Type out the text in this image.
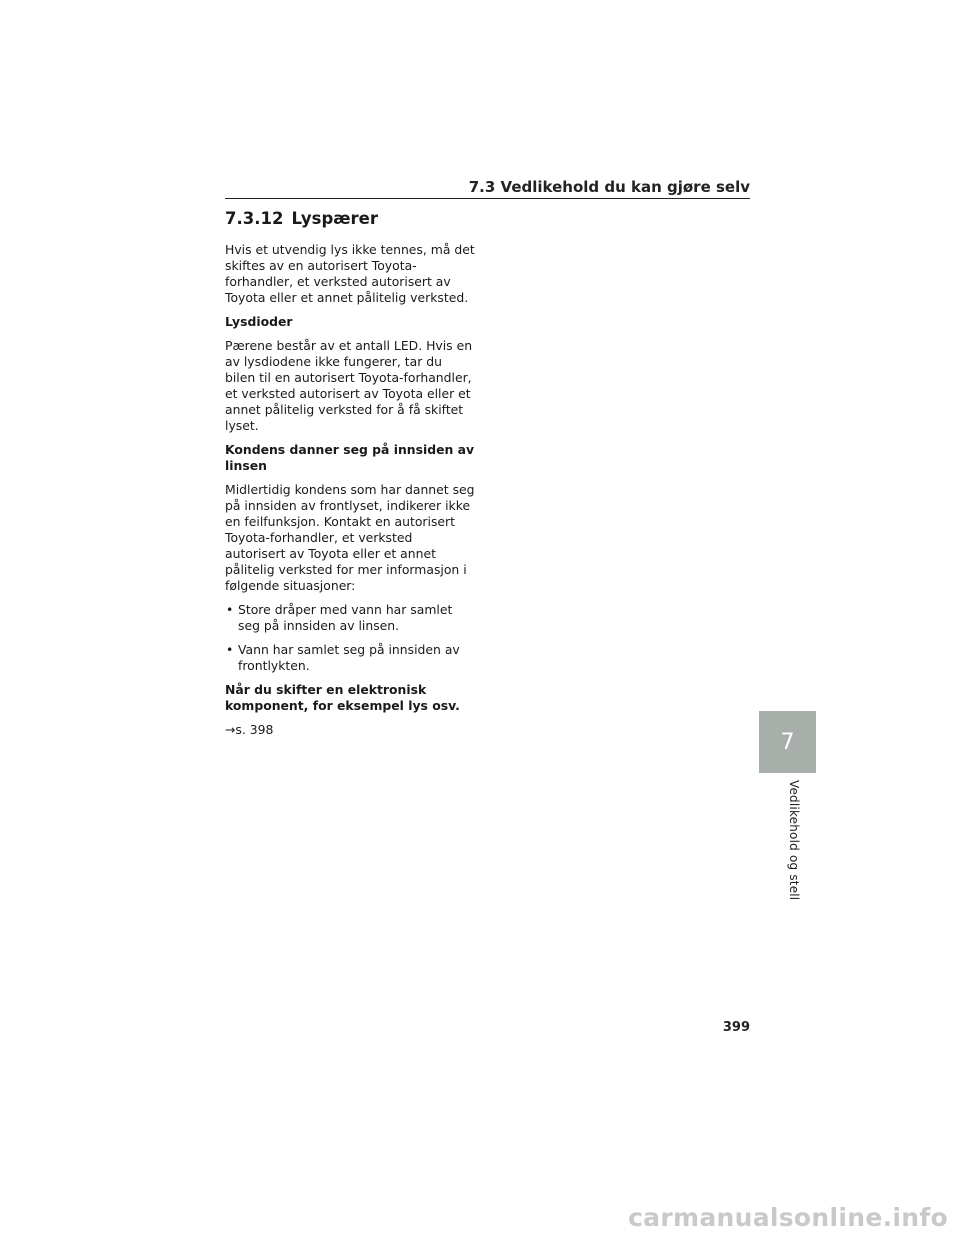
7.3 Vedlikehold du kan gjøre selv
7.3.12 Lyspærer

Hvis et utvendig lys ikke tennes, må det skiftes av en autorisert Toyota-forhandler, et verksted autorisert av Toyota eller et annet pålitelig verksted.

Lysdioder

Pærene består av et antall LED. Hvis en av lysdiodene ikke fungerer, tar du bilen til en autorisert Toyota-forhandler, et verksted autorisert av Toyota eller et annet pålitelig verksted for å få skiftet lyset.

Kondens danner seg på innsiden av linsen

Midlertidig kondens som har dannet seg på innsiden av frontlyset, indikerer ikke en feilfunksjon. Kontakt en autorisert Toyota-forhandler, et verksted autorisert av Toyota eller et annet pålitelig verksted for mer informasjon i følgende situasjoner:

• Store dråper med vann har samlet seg på innsiden av linsen.
• Vann har samlet seg på innsiden av frontlykten.
Når du skifter en elektronisk komponent, for eksempel lys osv.

→s. 398	7
Vedlikehold og stell
399
carmanualsonline.info
